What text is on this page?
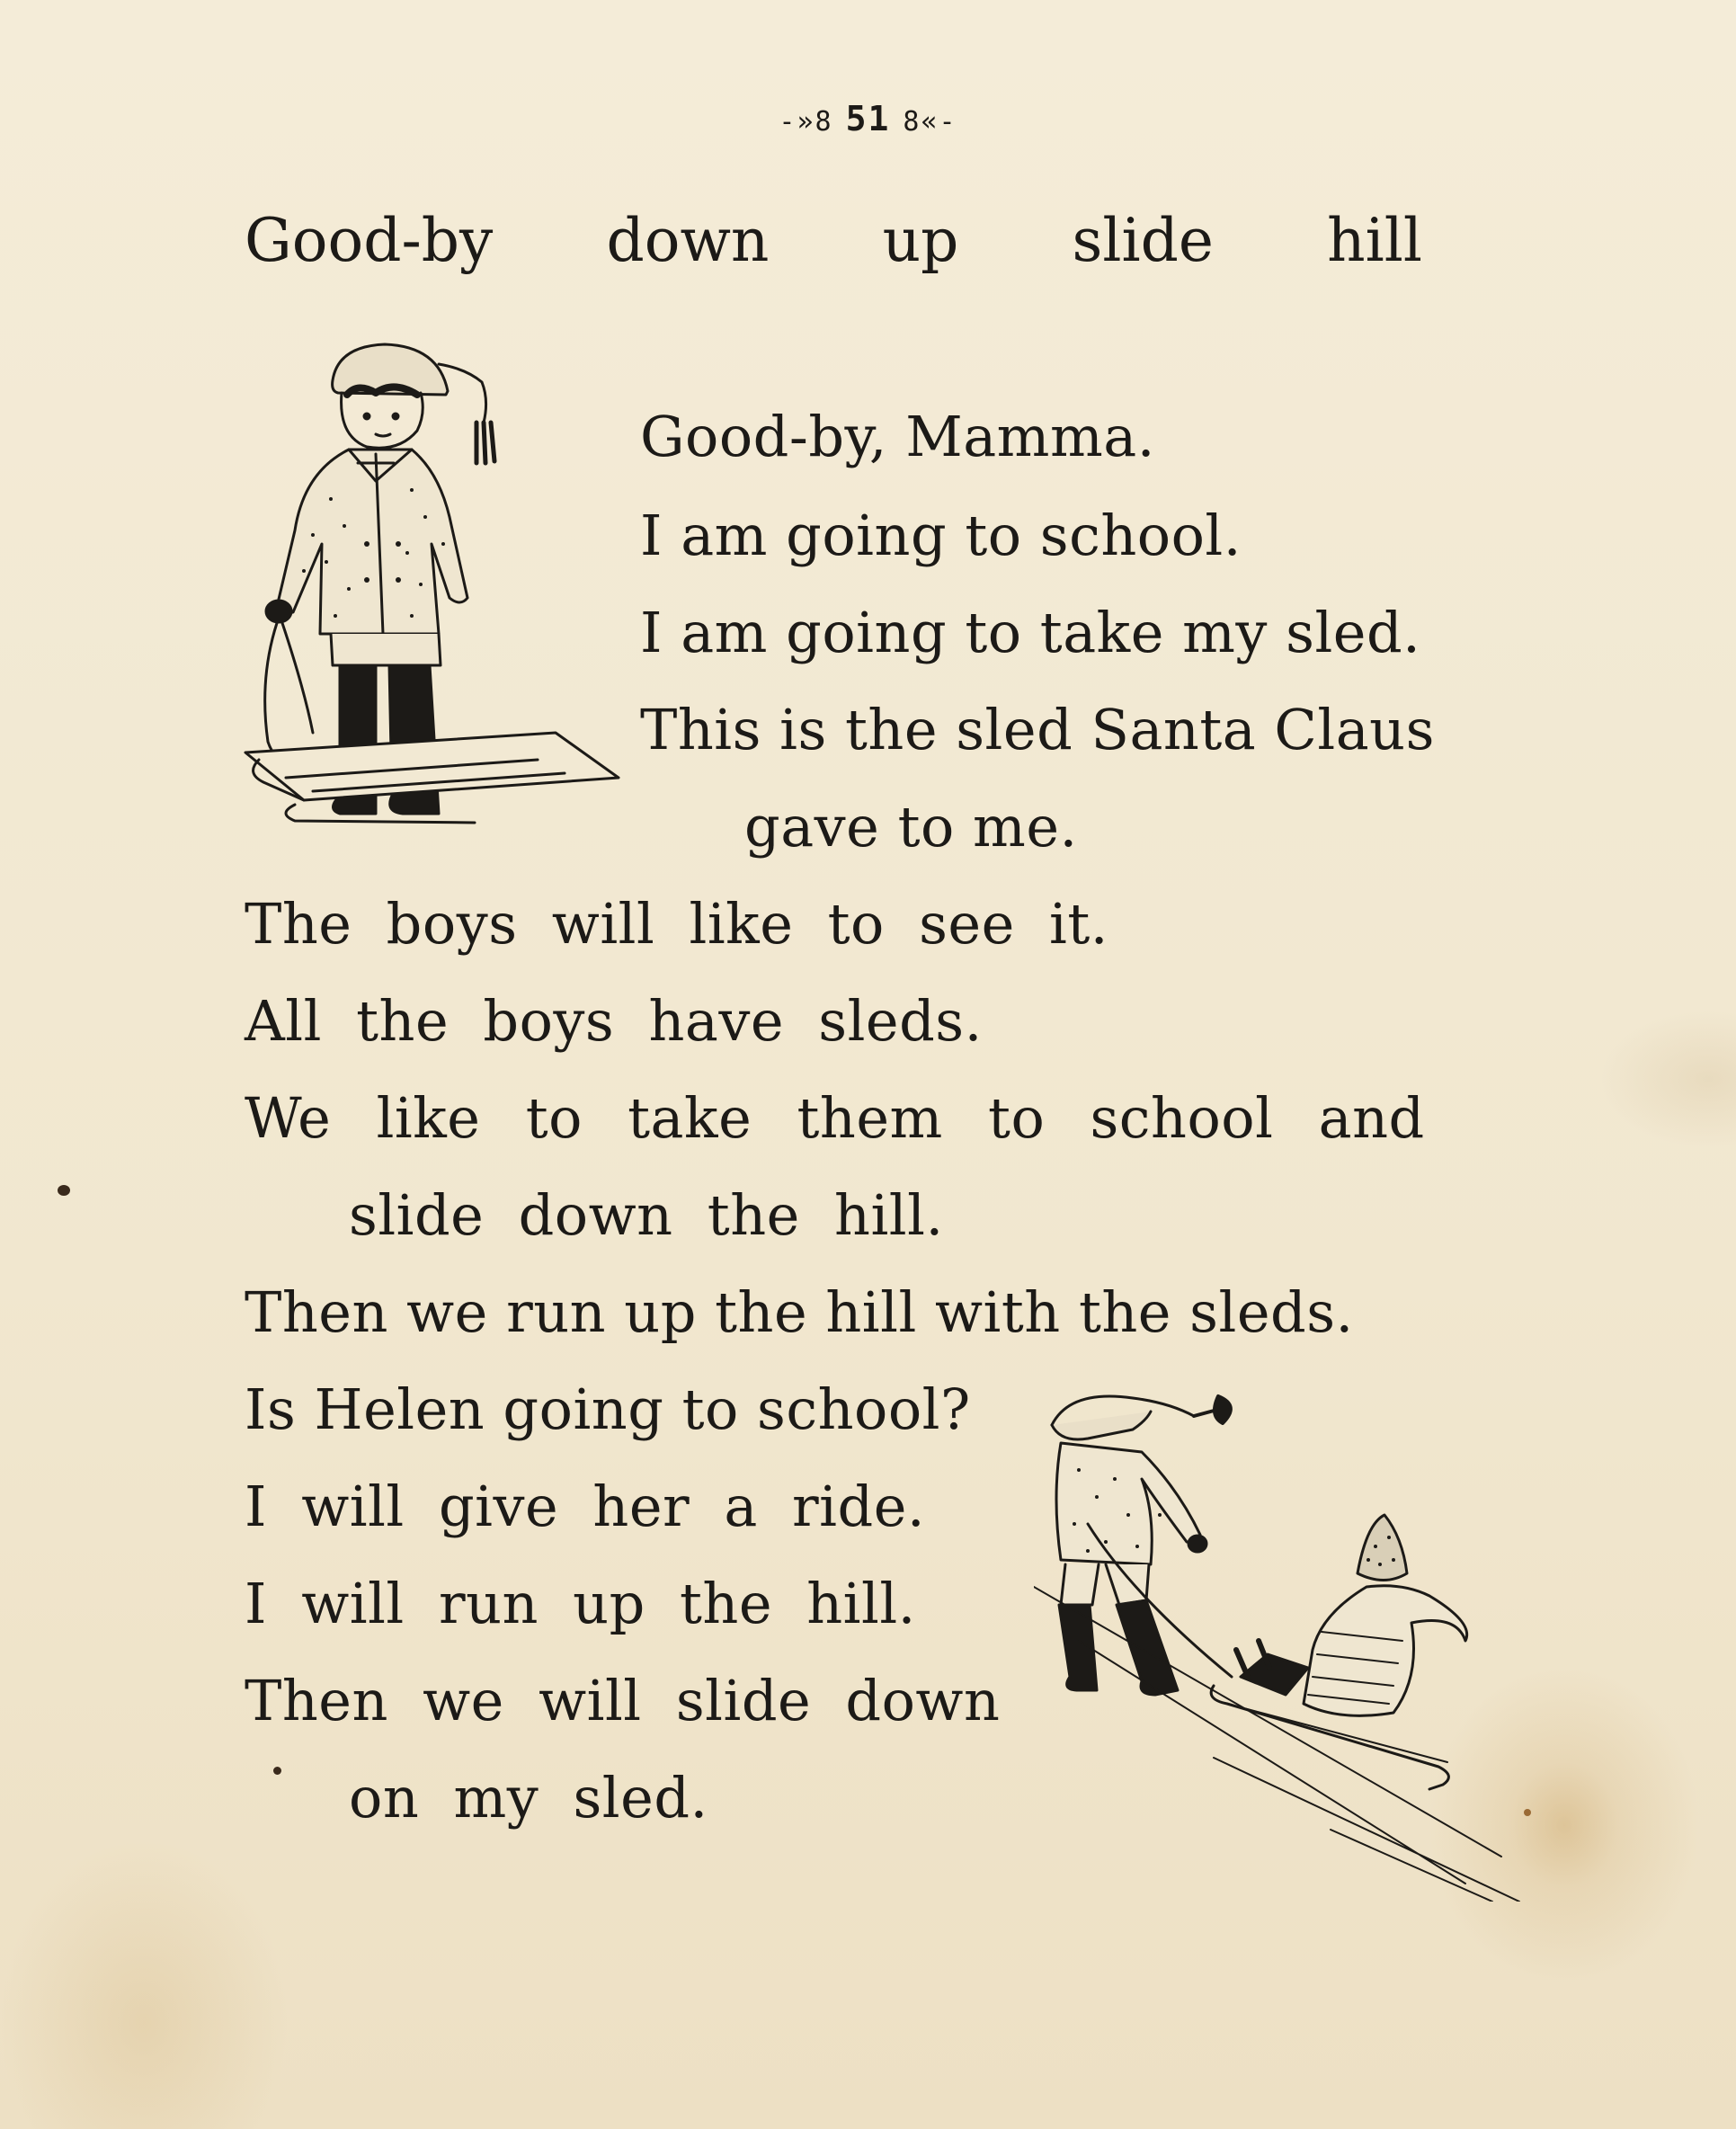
-»8 51 8«-
Good-by down up slide hill
Good-by, Mamma.
I am going to school.
I am going to take my sled.
This is the sled Santa Claus
gave to me.
The boys will like to see it.
All the boys have sleds.
We like to take them to school and
slide down the hill.
Then we run up the hill with the sleds.
Is Helen going to school?
I will give her a ride.
I will run up the hill.
Then we will slide down
on my sled.
